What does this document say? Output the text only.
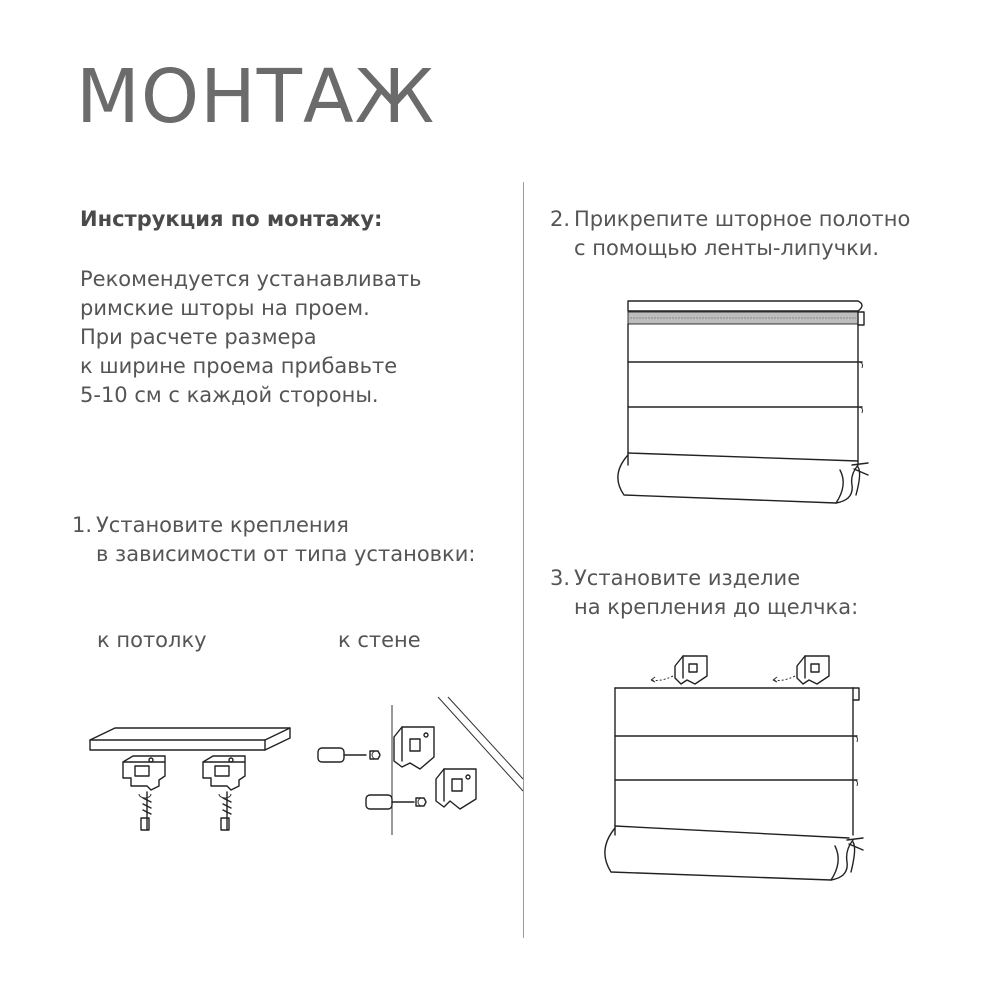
МОНТАЖ
Инструкция по монтажу:
Рекомендуется устанавливать
римские шторы на проем.
При расчете размера
к ширине проема прибавьте
5-10 см с каждой стороны.
1. Установите крепления
в зависимости от типа установки:
к потолку	к стене
2. Прикрепите шторное полотно
с помощью ленты-липучки.
3. Установите изделие
на крепления до щелчка:
